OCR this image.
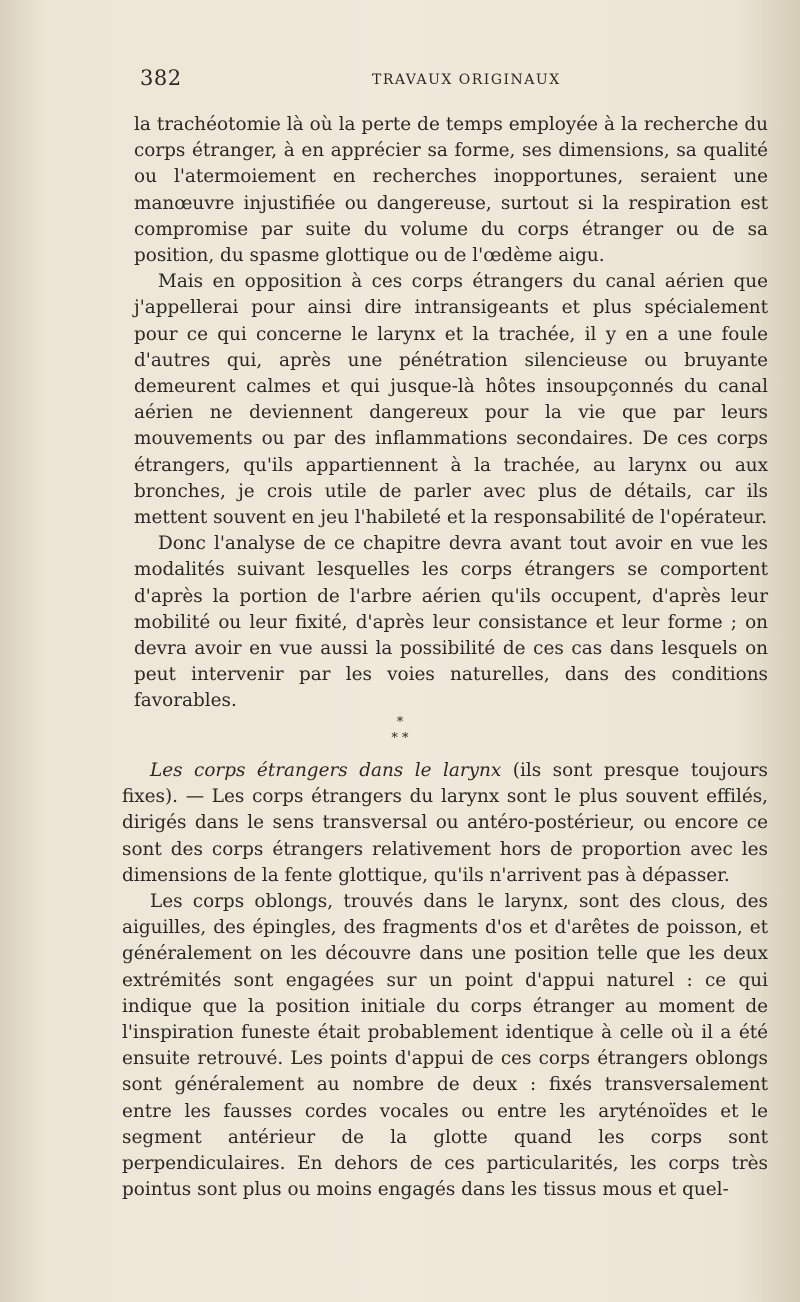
382	TRAVAUX ORIGINAUX

la trachéotomie là où la perte de temps employée à la recherche du corps étranger, à en apprécier sa forme, ses dimensions, sa qualité ou l'atermoiement en recherches inopportunes, seraient une manœuvre injustifiée ou dangereuse, surtout si la respiration est compromise par suite du volume du corps étranger ou de sa position, du spasme glottique ou de l'œdème aigu.

Mais en opposition à ces corps étrangers du canal aérien que j'appellerai pour ainsi dire intransigeants et plus spécialement pour ce qui concerne le larynx et la trachée, il y en a une foule d'autres qui, après une pénétration silencieuse ou bruyante demeurent calmes et qui jusque-là hôtes insoupçonnés du canal aérien ne deviennent dangereux pour la vie que par leurs mouvements ou par des inflammations secondaires. De ces corps étrangers, qu'ils appartiennent à la trachée, au larynx ou aux bronches, je crois utile de parler avec plus de détails, car ils mettent souvent en jeu l'habileté et la responsabilité de l'opérateur.

Donc l'analyse de ce chapitre devra avant tout avoir en vue les modalités suivant lesquelles les corps étrangers se comportent d'après la portion de l'arbre aérien qu'ils occupent, d'après leur mobilité ou leur fixité, d'après leur consistance et leur forme ; on devra avoir en vue aussi la possibilité de ces cas dans lesquels on peut intervenir par les voies naturelles, dans des conditions favorables.

*
* *

Les corps étrangers dans le larynx (ils sont presque toujours fixes). — Les corps étrangers du larynx sont le plus souvent effilés, dirigés dans le sens transversal ou antéro-postérieur, ou encore ce sont des corps étrangers relativement hors de proportion avec les dimensions de la fente glottique, qu'ils n'arrivent pas à dépasser.

Les corps oblongs, trouvés dans le larynx, sont des clous, des aiguilles, des épingles, des fragments d'os et d'arêtes de poisson, et généralement on les découvre dans une position telle que les deux extrémités sont engagées sur un point d'appui naturel : ce qui indique que la position initiale du corps étranger au moment de l'inspiration funeste était probablement identique à celle où il a été ensuite retrouvé. Les points d'appui de ces corps étrangers oblongs sont généralement au nombre de deux : fixés transversalement entre les fausses cordes vocales ou entre les aryténoïdes et le segment antérieur de la glotte quand les corps sont perpendiculaires. En dehors de ces particularités, les corps très pointus sont plus ou moins engagés dans les tissus mous et quel-
